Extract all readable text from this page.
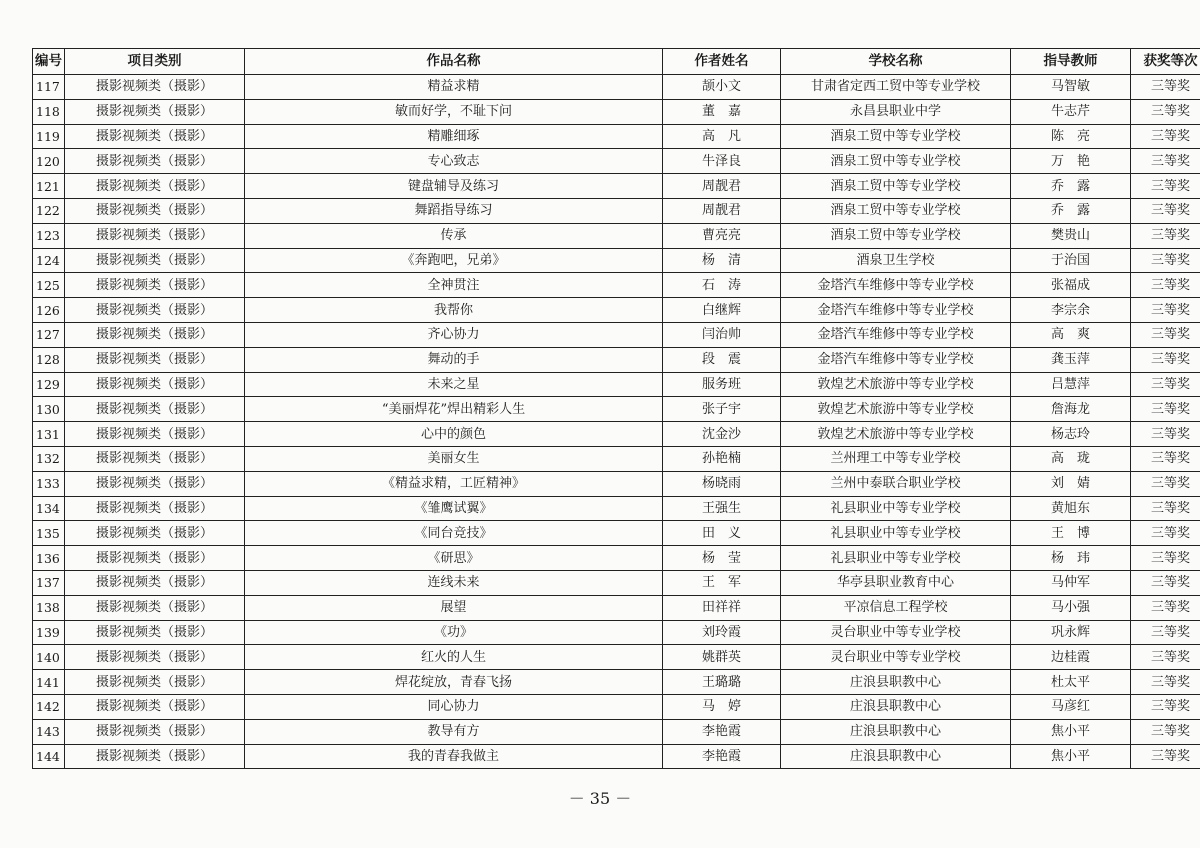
编号	项目类别	作品名称	作者姓名	学校名称	指导教师	获奖等次
117	摄影视频类（摄影）	精益求精	颉小文	甘肃省定西工贸中等专业学校	马智敏	三等奖
118	摄影视频类（摄影）	敏而好学，不耻下问	董　嘉	永昌县职业中学	牛志芹	三等奖
119	摄影视频类（摄影）	精雕细琢	高　凡	酒泉工贸中等专业学校	陈　亮	三等奖
120	摄影视频类（摄影）	专心致志	牛泽良	酒泉工贸中等专业学校	万　艳	三等奖
121	摄影视频类（摄影）	键盘辅导及练习	周靓君	酒泉工贸中等专业学校	乔　露	三等奖
122	摄影视频类（摄影）	舞蹈指导练习	周靓君	酒泉工贸中等专业学校	乔　露	三等奖
123	摄影视频类（摄影）	传承	曹亮亮	酒泉工贸中等专业学校	樊贵山	三等奖
124	摄影视频类（摄影）	《奔跑吧，兄弟》	杨　清	酒泉卫生学校	于治国	三等奖
125	摄影视频类（摄影）	全神贯注	石　涛	金塔汽车维修中等专业学校	张福成	三等奖
126	摄影视频类（摄影）	我帮你	白继辉	金塔汽车维修中等专业学校	李宗余	三等奖
127	摄影视频类（摄影）	齐心协力	闫治帅	金塔汽车维修中等专业学校	高　爽	三等奖
128	摄影视频类（摄影）	舞动的手	段　震	金塔汽车维修中等专业学校	龚玉萍	三等奖
129	摄影视频类（摄影）	未来之星	服务班	敦煌艺术旅游中等专业学校	吕慧萍	三等奖
130	摄影视频类（摄影）	“美丽焊花”焊出精彩人生	张子宇	敦煌艺术旅游中等专业学校	詹海龙	三等奖
131	摄影视频类（摄影）	心中的颜色	沈金沙	敦煌艺术旅游中等专业学校	杨志玲	三等奖
132	摄影视频类（摄影）	美丽女生	孙艳楠	兰州理工中等专业学校	高　珑	三等奖
133	摄影视频类（摄影）	《精益求精，工匠精神》	杨晓雨	兰州中泰联合职业学校	刘　婧	三等奖
134	摄影视频类（摄影）	《雏鹰试翼》	王强生	礼县职业中等专业学校	黄旭东	三等奖
135	摄影视频类（摄影）	《同台竞技》	田　义	礼县职业中等专业学校	王　博	三等奖
136	摄影视频类（摄影）	《研思》	杨　莹	礼县职业中等专业学校	杨　玮	三等奖
137	摄影视频类（摄影）	连线未来	王　军	华亭县职业教育中心	马仲军	三等奖
138	摄影视频类（摄影）	展望	田祥祥	平凉信息工程学校	马小强	三等奖
139	摄影视频类（摄影）	《功》	刘玲霞	灵台职业中等专业学校	巩永辉	三等奖
140	摄影视频类（摄影）	红火的人生	姚群英	灵台职业中等专业学校	边桂霞	三等奖
141	摄影视频类（摄影）	焊花绽放，青春飞扬	王璐璐	庄浪县职教中心	杜太平	三等奖
142	摄影视频类（摄影）	同心协力	马　婷	庄浪县职教中心	马彦红	三等奖
143	摄影视频类（摄影）	教导有方	李艳霞	庄浪县职教中心	焦小平	三等奖
144	摄影视频类（摄影）	我的青春我做主	李艳霞	庄浪县职教中心	焦小平	三等奖
－ 35 －
